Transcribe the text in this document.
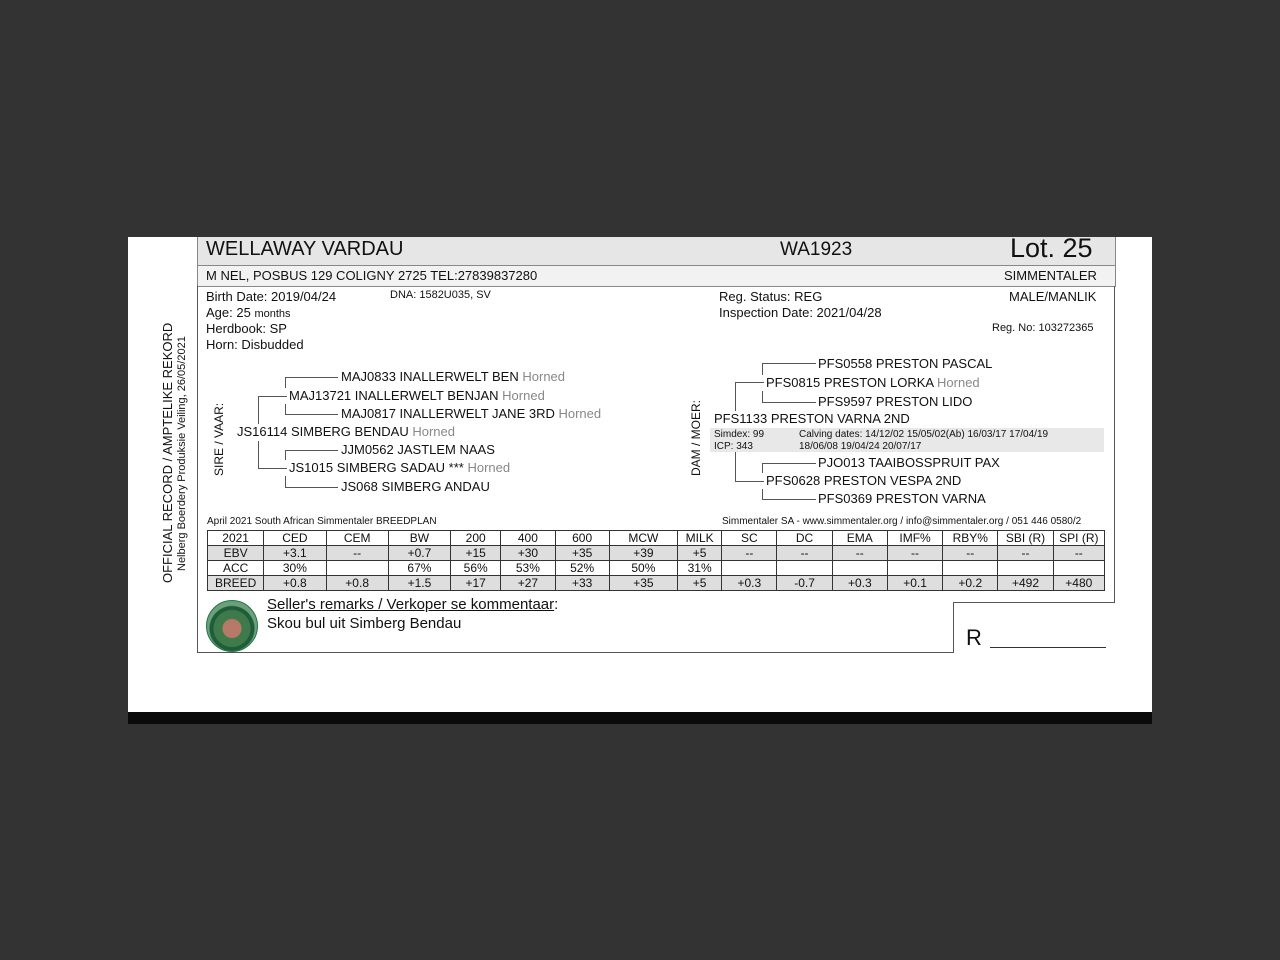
WELLAWAY VARDAU	WA1923	Lot. 25
M NEL, POSBUS 129 COLIGNY 2725 TEL:27839837280	SIMMENTALER
OFFICIAL RECORD / AMPTELIKE REKORD Nelberg Boerdery Produksie Veiling, 26/05/2021
Birth Date: 2019/04/24	DNA: 1582U035, SV
Age: 25 months
Herdbook: SP
Horn: Disbudded
Reg. Status: REG
Inspection Date: 2021/04/28
MALE/MANLIK
Reg. No: 103272365
SIRE / VAAR: JS16114 SIMBERG BENDAU Horned
MAJ13721 INALLERWELT BENJAN Horned
MAJ0833 INALLERWELT BEN Horned
MAJ0817 INALLERWELT JANE 3RD Horned
JS1015 SIMBERG SADAU *** Horned
JJM0562 JASTLEM NAAS
JS068 SIMBERG ANDAU
DAM / MOER: PFS1133 PRESTON VARNA 2ND
Simdex: 99
ICP: 343
Calving dates: 14/12/02 15/05/02(Ab) 16/03/17 17/04/19
18/06/08 19/04/24 20/07/17
PFS0815 PRESTON LORKA Horned
PFS0558 PRESTON PASCAL
PFS9597 PRESTON LIDO
PFS0628 PRESTON VESPA 2ND
PJO013 TAAIBOSSPRUIT PAX
PFS0369 PRESTON VARNA
April 2021 South African Simmentaler BREEDPLAN	Simmentaler SA - www.simmentaler.org / info@simmentaler.org / 051 446 0580/2
2021	CED	CEM	BW	200	400	600	MCW	MILK	SC	DC	EMA	IMF%	RBY%	SBI (R)	SPI (R)
EBV	+3.1	--	+0.7	+15	+30	+35	+39	+5	--	--	--	--	--	--	--
ACC	30%		67%	56%	53%	52%	50%	31%							
BREED	+0.8	+0.8	+1.5	+17	+27	+33	+35	+5	+0.3	-0.7	+0.3	+0.1	+0.2	+492	+480
Seller's remarks / Verkoper se kommentaar:
Skou bul uit Simberg Bendau
R
